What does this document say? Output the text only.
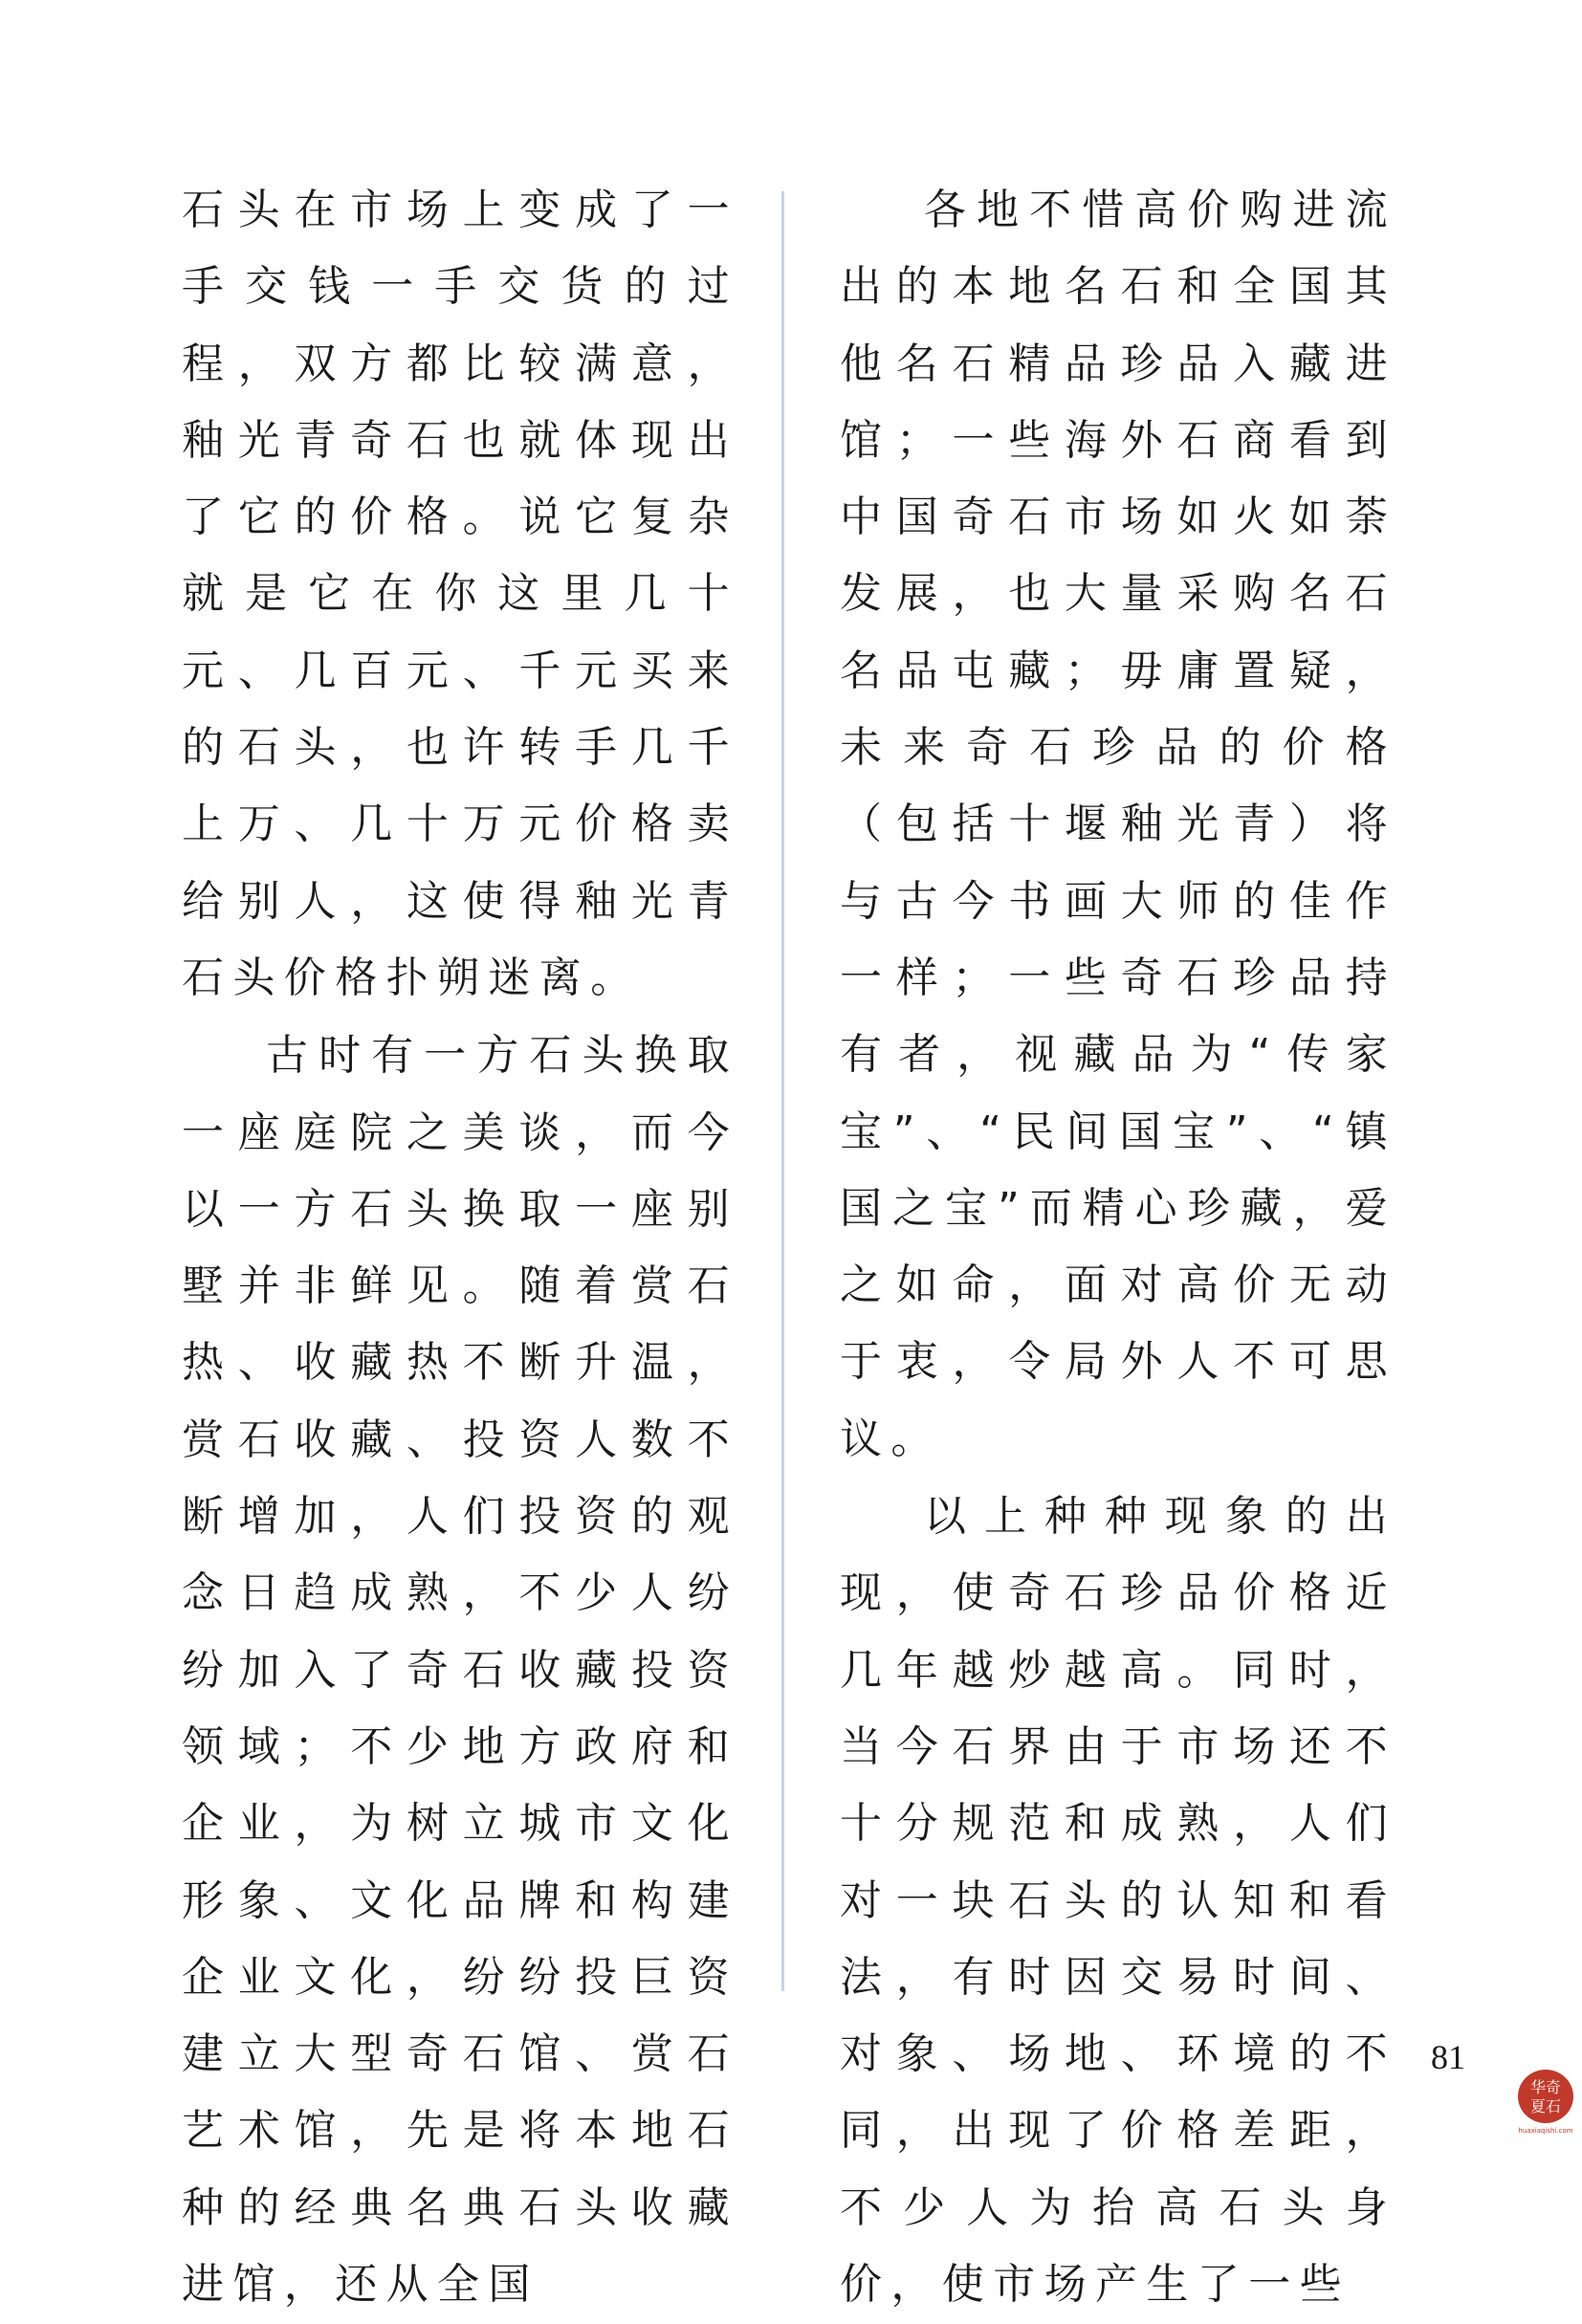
石头在市场上变成了一手交钱一手交货的过程，双方都比较满意，釉光青奇石也就体现出了它的价格。说它复杂就是它在你这里几十元、几百元、千元买来的石头，也许转手几千上万、几十万元价格卖给别人，这使得釉光青石头价格扑朔迷离。

古时有一方石头换取一座庭院之美谈，而今以一方石头换取一座别墅并非鲜见。随着赏石热、收藏热不断升温，赏石收藏、投资人数不断增加，人们投资的观念日趋成熟，不少人纷纷加入了奇石收藏投资领域；不少地方政府和企业，为树立城市文化形象、文化品牌和构建企业文化，纷纷投巨资建立大型奇石馆、赏石艺术馆，先是将本地石种的经典名典石头收藏进馆，还从全国

各地不惜高价购进流出的本地名石和全国其他名石精品珍品入藏进馆；一些海外石商看到中国奇石市场如火如荼发展，也大量采购名石名品屯藏；毋庸置疑，未来奇石珍品的价格（包括十堰釉光青）将与古今书画大师的佳作一样；一些奇石珍品持有者，视藏品为“传家宝”、“民间国宝”、“镇国之宝”而精心珍藏，爱之如命，面对高价无动于衷，令局外人不可思议。

以上种种现象的出现，使奇石珍品价格近几年越炒越高。同时，当今石界由于市场还不十分规范和成熟，人们对一块石头的认知和看法，有时因交易时间、对象、场地、环境的不同，出现了价格差距，不少人为抬高石头身价，使市场产生了一些

81
华奇
夏石
huaxiaqishi.com
